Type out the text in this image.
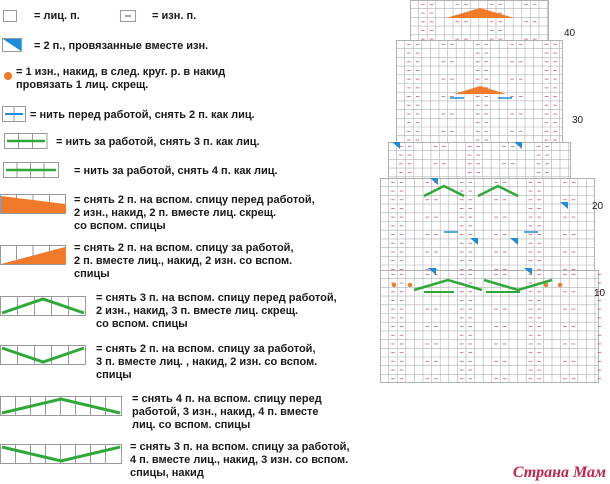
= лиц. п.	= изн. п.
= 2 п., провязанные вместе изн.
= 1 изн., накид, в след. круг. р. в накид
провязать 1 лиц. скрещ.
= нить перед работой, снять 2 п. как лиц.
= нить за работой, снять 3 п. как лиц.
= нить за работой, снять 4 п. как лиц.
= снять 2 п. на вспом. спицу перед работой,
2 изн., накид, 2 п. вместе лиц. скрещ.
со вспом. спицы
= снять 2 п. на вспом. спицу за работой,
2 п. вместе лиц., накид, 2 изн. со вспом.
спицы
= снять 3 п. на вспом. спицу перед работой,
2 изн., накид, 3 п. вместе лиц. скрещ.
со вспом. спицы
= снять 2 п. на вспом. спицу за работой,
3 п. вместе лиц. , накид, 2 изн. со вспом.
спицы
= снять 4 п. на вспом. спицу перед
работой, 3 изн., накид, 4 п. вместе
лиц. со вспом. спицы
= снять 3 п. на вспом. спицу за работой,
4 п. вместе лиц., накид, 3 изн. со вспом.
спицы, накид
40
30
20
10
Страна Мам
